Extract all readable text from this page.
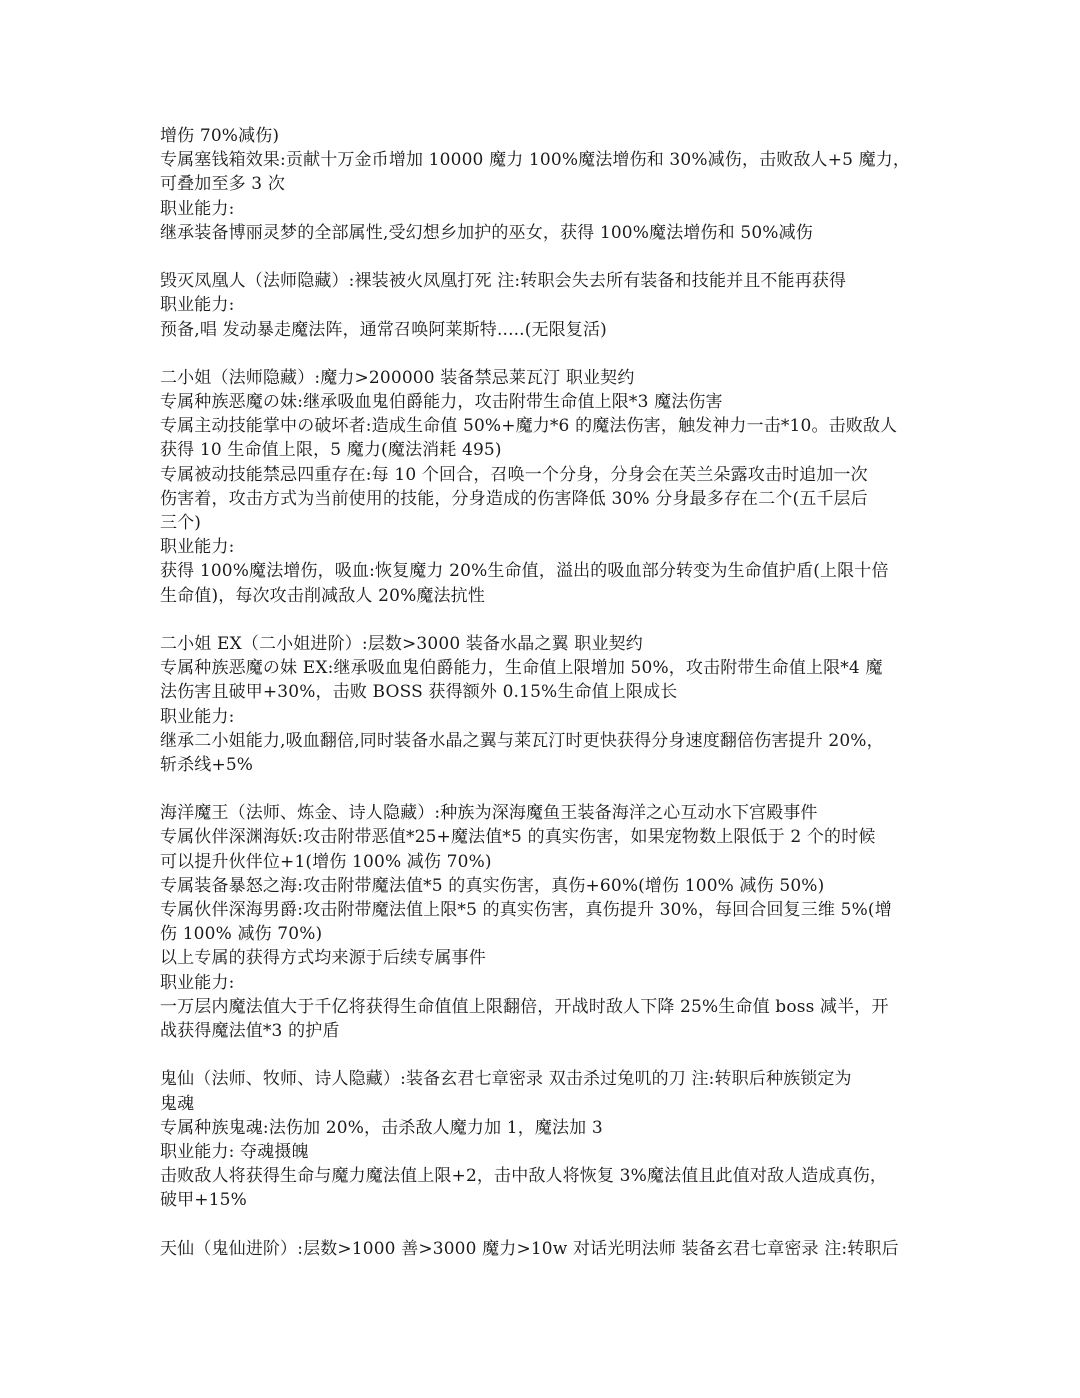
增伤 70%减伤)
专属塞钱箱效果:贡献十万金币增加 10000 魔力 100%魔法增伤和 30%减伤，击败敌人+5 魔力，
可叠加至多 3 次
职业能力:
继承装备博丽灵梦的全部属性,受幻想乡加护的巫女，获得 100%魔法增伤和 50%减伤
毁灭凤凰人（法师隐藏）:裸装被火凤凰打死 注:转职会失去所有装备和技能并且不能再获得
职业能力:
预备,唱 发动暴走魔法阵，通常召唤阿莱斯特.....(无限复活)
二小姐（法师隐藏）:魔力>200000 装备禁忌莱瓦汀 职业契约
专属种族恶魔の妹:继承吸血鬼伯爵能力，攻击附带生命值上限*3 魔法伤害
专属主动技能掌中の破坏者:造成生命值 50%+魔力*6 的魔法伤害，触发神力一击*10。击败敌人
获得 10 生命值上限，5 魔力(魔法消耗 495)
专属被动技能禁忌四重存在:每 10 个回合，召唤一个分身，分身会在芙兰朵露攻击时追加一次
伤害着，攻击方式为当前使用的技能，分身造成的伤害降低 30% 分身最多存在二个(五千层后
三个)
职业能力:
获得 100%魔法增伤，吸血:恢复魔力 20%生命值，溢出的吸血部分转变为生命值护盾(上限十倍
生命值)，每次攻击削减敌人 20%魔法抗性
二小姐 EX（二小姐进阶）:层数>3000 装备水晶之翼 职业契约
专属种族恶魔の妹 EX:继承吸血鬼伯爵能力，生命值上限增加 50%，攻击附带生命值上限*4 魔
法伤害且破甲+30%，击败 BOSS 获得额外 0.15%生命值上限成长
职业能力:
继承二小姐能力,吸血翻倍,同时装备水晶之翼与莱瓦汀时更快获得分身速度翻倍伤害提升 20%，
斩杀线+5%
海洋魔王（法师、炼金、诗人隐藏）:种族为深海魔鱼王装备海洋之心互动水下宫殿事件
专属伙伴深渊海妖:攻击附带恶值*25+魔法值*5 的真实伤害，如果宠物数上限低于 2 个的时候
可以提升伙伴位+1(增伤 100% 减伤 70%)
专属装备暴怒之海:攻击附带魔法值*5 的真实伤害，真伤+60%(增伤 100% 减伤 50%)
专属伙伴深海男爵:攻击附带魔法值上限*5 的真实伤害，真伤提升 30%，每回合回复三维 5%(增
伤 100% 减伤 70%)
以上专属的获得方式均来源于后续专属事件
职业能力:
一万层内魔法值大于千亿将获得生命值值上限翻倍，开战时敌人下降 25%生命值 boss 减半，开
战获得魔法值*3 的护盾
鬼仙（法师、牧师、诗人隐藏）:装备玄君七章密录 双击杀过兔叽的刀 注:转职后种族锁定为
鬼魂
专属种族鬼魂:法伤加 20%，击杀敌人魔力加 1，魔法加 3
职业能力: 夺魂摄魄
击败敌人将获得生命与魔力魔法值上限+2，击中敌人将恢复 3%魔法值且此值对敌人造成真伤，
破甲+15%
天仙（鬼仙进阶）:层数>1000 善>3000 魔力>10w 对话光明法师 装备玄君七章密录 注:转职后
